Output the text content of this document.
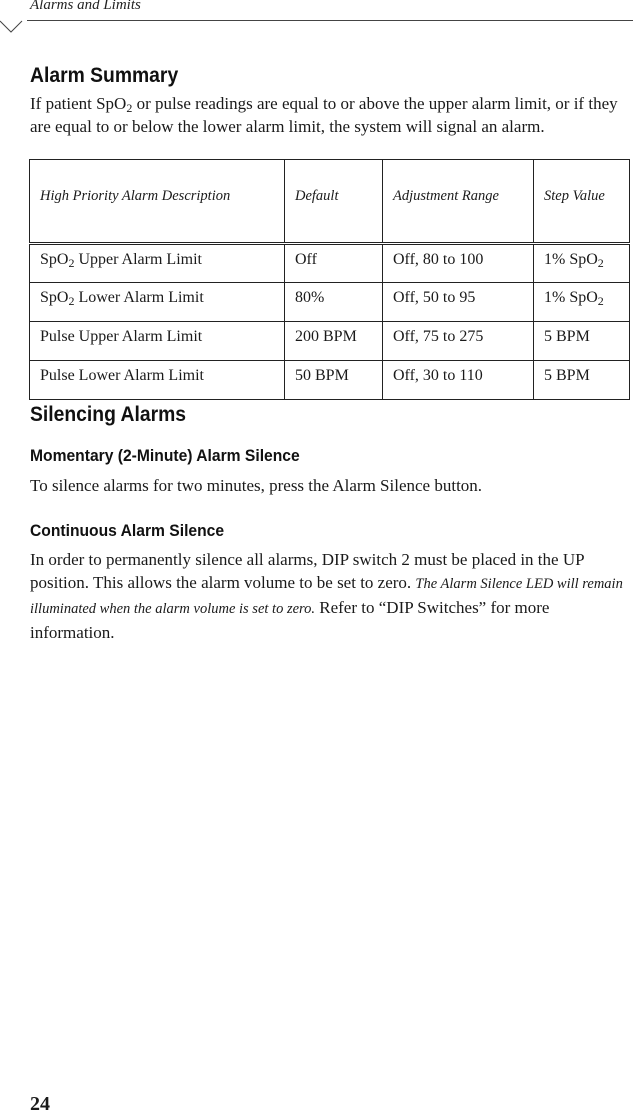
Alarms and Limits
Alarm Summary
If patient SpO$_2$ or pulse readings are equal to or above the upper alarm limit, or if they are equal to or below the lower alarm limit, the system will signal an alarm.
High Priority Alarm Description	Default	Adjustment Range	Step Value
SpO$_2$ Upper Alarm Limit	Off	Off, 80 to 100	1% SpO$_2$
SpO$_2$ Lower Alarm Limit	80%	Off, 50 to 95	1% SpO$_2$
Pulse Upper Alarm Limit	200 BPM	Off, 75 to 275	5 BPM
Pulse Lower Alarm Limit	50 BPM	Off, 30 to 110	5 BPM
Silencing Alarms
Momentary (2-Minute) Alarm Silence
To silence alarms for two minutes, press the Alarm Silence button.
Continuous Alarm Silence
In order to permanently silence all alarms, DIP switch 2 must be placed in the UP position. This allows the alarm volume to be set to zero. The Alarm Silence LED will remain illuminated when the alarm volume is set to zero. Refer to “DIP Switches” for more information.
24
